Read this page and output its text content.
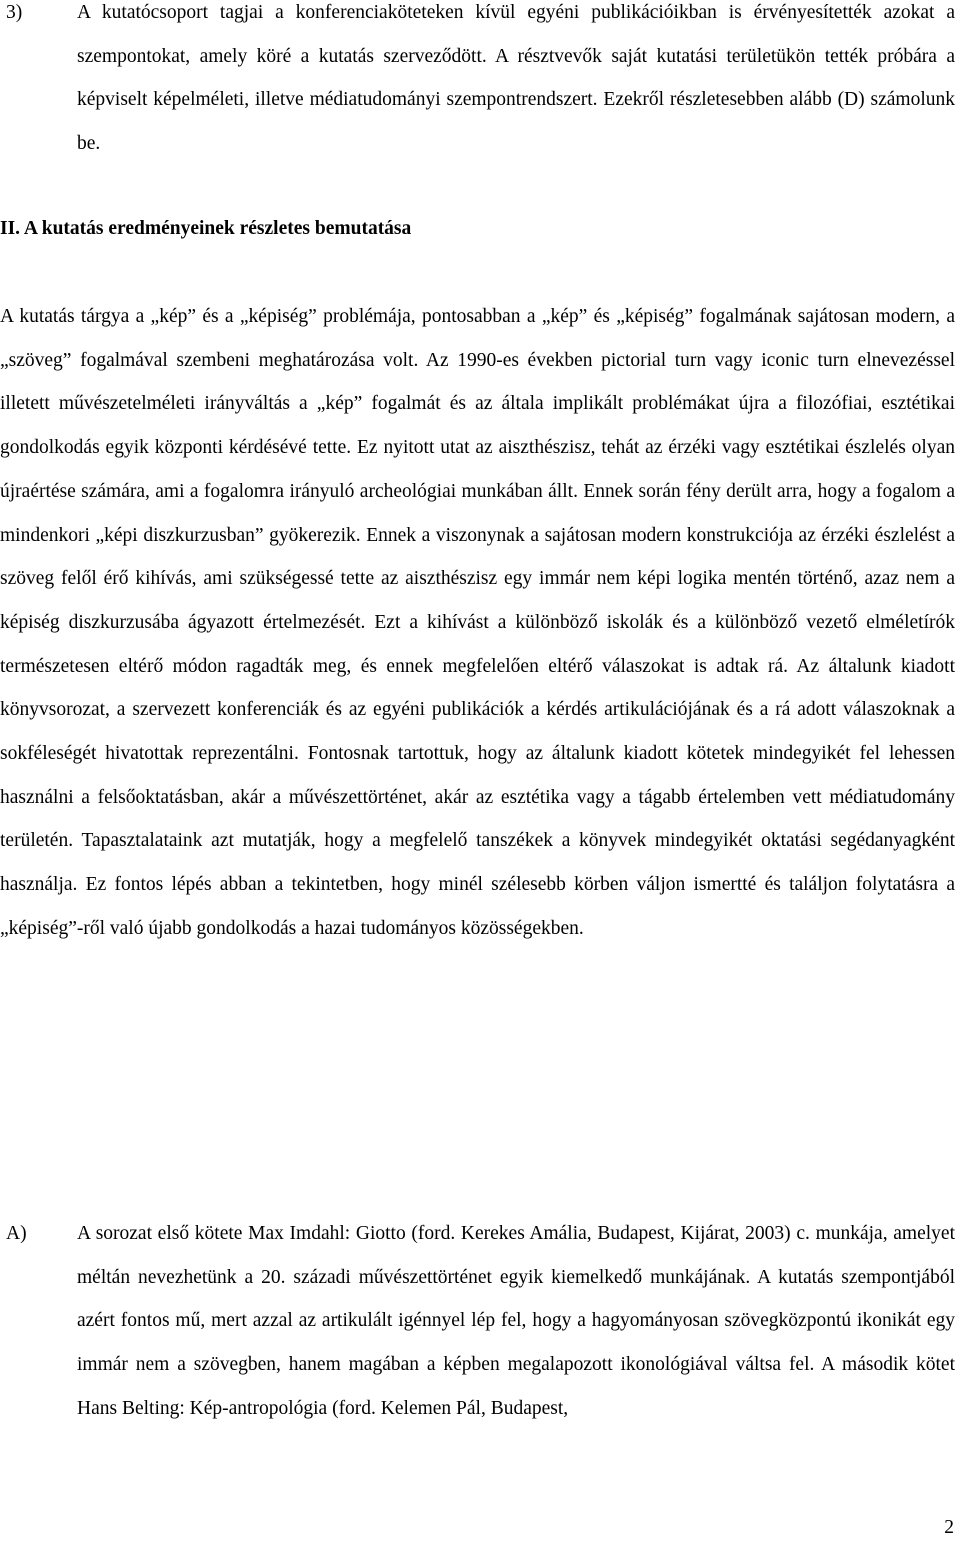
3)	A kutatócsoport tagjai a konferenciaköteteken kívül egyéni publikációikban is érvényesítették azokat a szempontokat, amely köré a kutatás szerveződött. A résztvevők saját kutatási területükön tették próbára a képviselt képelméleti, illetve médiatudományi szempontrendszert. Ezekről részletesebben alább (D) számolunk be.

II. A kutatás eredményeinek részletes bemutatása

A kutatás tárgya a „kép” és a „képiség” problémája, pontosabban a „kép” és „képiség” fogalmának sajátosan modern, a „szöveg” fogalmával szembeni meghatározása volt. Az 1990-es években pictorial turn vagy iconic turn elnevezéssel illetett művészetelméleti irányváltás a „kép” fogalmát és az általa implikált problémákat újra a filozófiai, esztétikai gondolkodás egyik központi kérdésévé tette. Ez nyitott utat az aiszthészisz, tehát az érzéki vagy esztétikai észlelés olyan újraértése számára, ami a fogalomra irányuló archeológiai munkában állt. Ennek során fény derült arra, hogy a fogalom a mindenkori „képi diszkurzusban” gyökerezik. Ennek a viszonynak a sajátosan modern konstrukciója az érzéki észlelést a szöveg felől érő kihívás, ami szükségessé tette az aiszthészisz egy immár nem képi logika mentén történő, azaz nem a képiség diszkurzusába ágyazott értelmezését. Ezt a kihívást a különböző iskolák és a különböző vezető elméletírók természetesen eltérő módon ragadták meg, és ennek megfelelően eltérő válaszokat is adtak rá. Az általunk kiadott könyvsorozat, a szervezett konferenciák és az egyéni publikációk a kérdés artikulációjának és a rá adott válaszoknak a sokféleségét hivatottak reprezentálni. Fontosnak tartottuk, hogy az általunk kiadott kötetek mindegyikét fel lehessen használni a felsőoktatásban, akár a művészettörténet, akár az esztétika vagy a tágabb értelemben vett médiatudomány területén. Tapasztalataink azt mutatják, hogy a megfelelő tanszékek a könyvek mindegyikét oktatási segédanyagként használja. Ez fontos lépés abban a tekintetben, hogy minél szélesebb körben váljon ismertté és találjon folytatásra a „képiség”-ről való újabb gondolkodás a hazai tudományos közösségekben.

A)	A sorozat első kötete Max Imdahl: Giotto (ford. Kerekes Amália, Budapest, Kijárat, 2003) c. munkája, amelyet méltán nevezhetünk a 20. századi művészettörténet egyik kiemelkedő munkájának. A kutatás szempontjából azért fontos mű, mert azzal az artikulált igénnyel lép fel, hogy a hagyományosan szövegközpontú ikonikát egy immár nem a szövegben, hanem magában a képben megalapozott ikonológiával váltsa fel. A második kötet Hans Belting: Kép-antropológia (ford. Kelemen Pál, Budapest,

2
